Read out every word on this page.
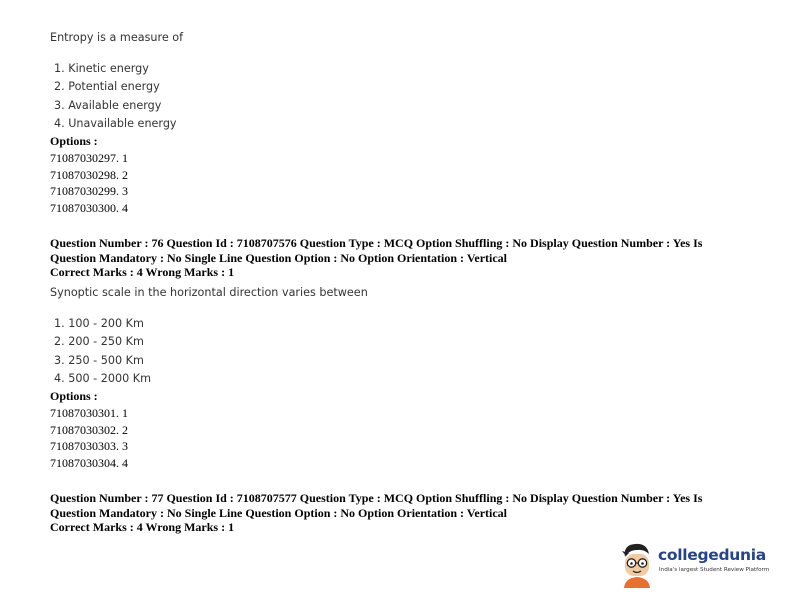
Entropy is a measure of
1. Kinetic energy
2. Potential energy
3. Available energy
4. Unavailable energy
Options :
71087030297. 1
71087030298. 2
71087030299. 3
71087030300. 4
Question Number : 76 Question Id : 7108707576 Question Type : MCQ Option Shuffling : No Display Question Number : Yes Is
Question Mandatory : No Single Line Question Option : No Option Orientation : Vertical
Correct Marks : 4 Wrong Marks : 1
Synoptic scale in the horizontal direction varies between
1. 100 - 200 Km
2. 200 - 250 Km
3. 250 - 500 Km
4. 500 - 2000 Km
Options :
71087030301. 1
71087030302. 2
71087030303. 3
71087030304. 4
Question Number : 77 Question Id : 7108707577 Question Type : MCQ Option Shuffling : No Display Question Number : Yes Is
Question Mandatory : No Single Line Question Option : No Option Orientation : Vertical
Correct Marks : 4 Wrong Marks : 1
collegedunia
India's largest Student Review Platform
